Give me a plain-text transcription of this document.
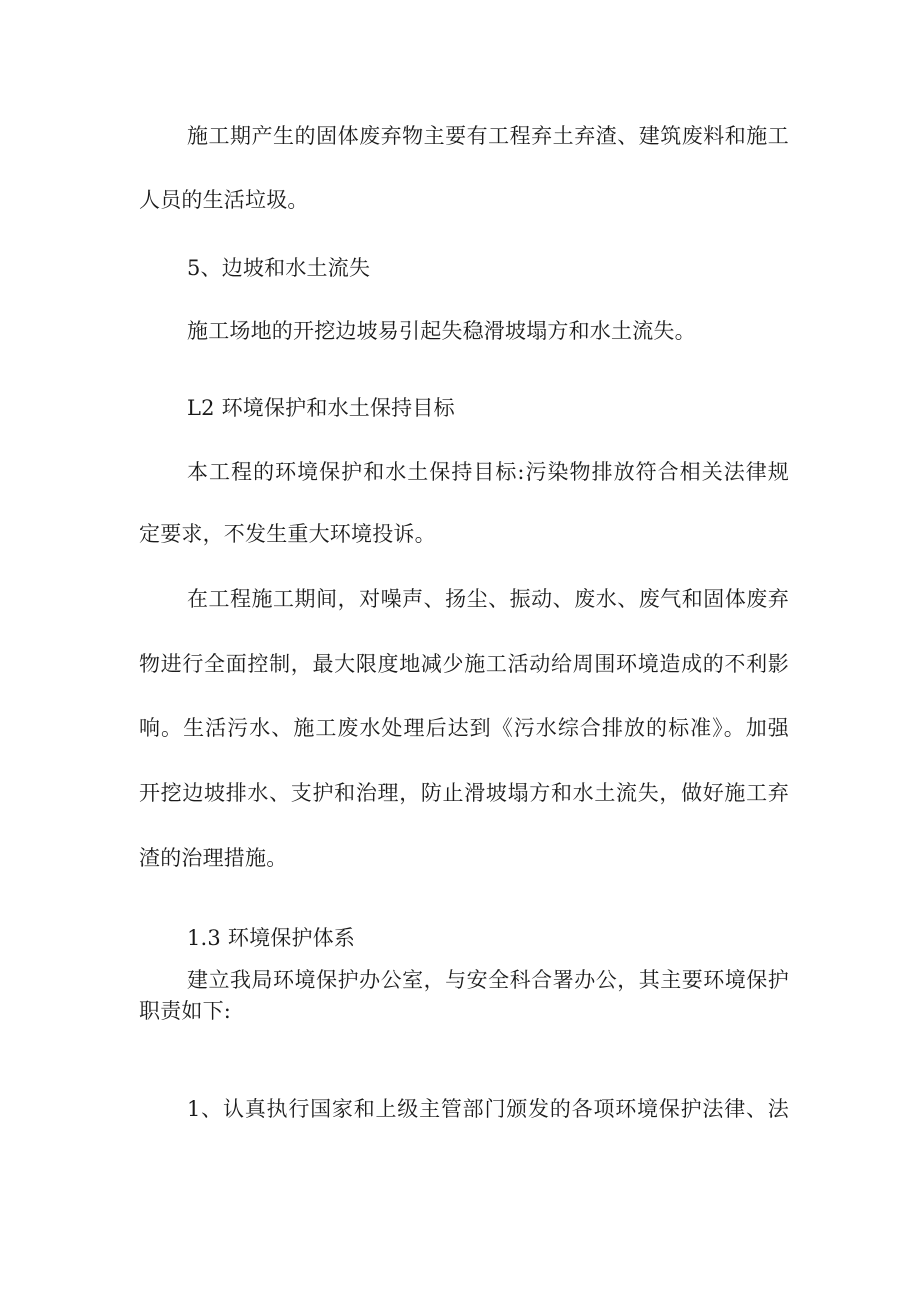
施工期产生的固体废弃物主要有工程弃土弃渣、建筑废料和施工
人员的生活垃圾。
5、边坡和水土流失
施工场地的开挖边坡易引起失稳滑坡塌方和水土流失。
L2 环境保护和水土保持目标
本工程的环境保护和水土保持目标:污染物排放符合相关法律规
定要求，不发生重大环境投诉。
在工程施工期间，对噪声、扬尘、振动、废水、废气和固体废弃
物进行全面控制，最大限度地减少施工活动给周围环境造成的不利影
响。生活污水、施工废水处理后达到《污水综合排放的标准》。加强
开挖边坡排水、支护和治理，防止滑坡塌方和水土流失，做好施工弃
渣的治理措施。
1.3 环境保护体系
建立我局环境保护办公室，与安全科合署办公，其主要环境保护
职责如下:
1、认真执行国家和上级主管部门颁发的各项环境保护法律、法
